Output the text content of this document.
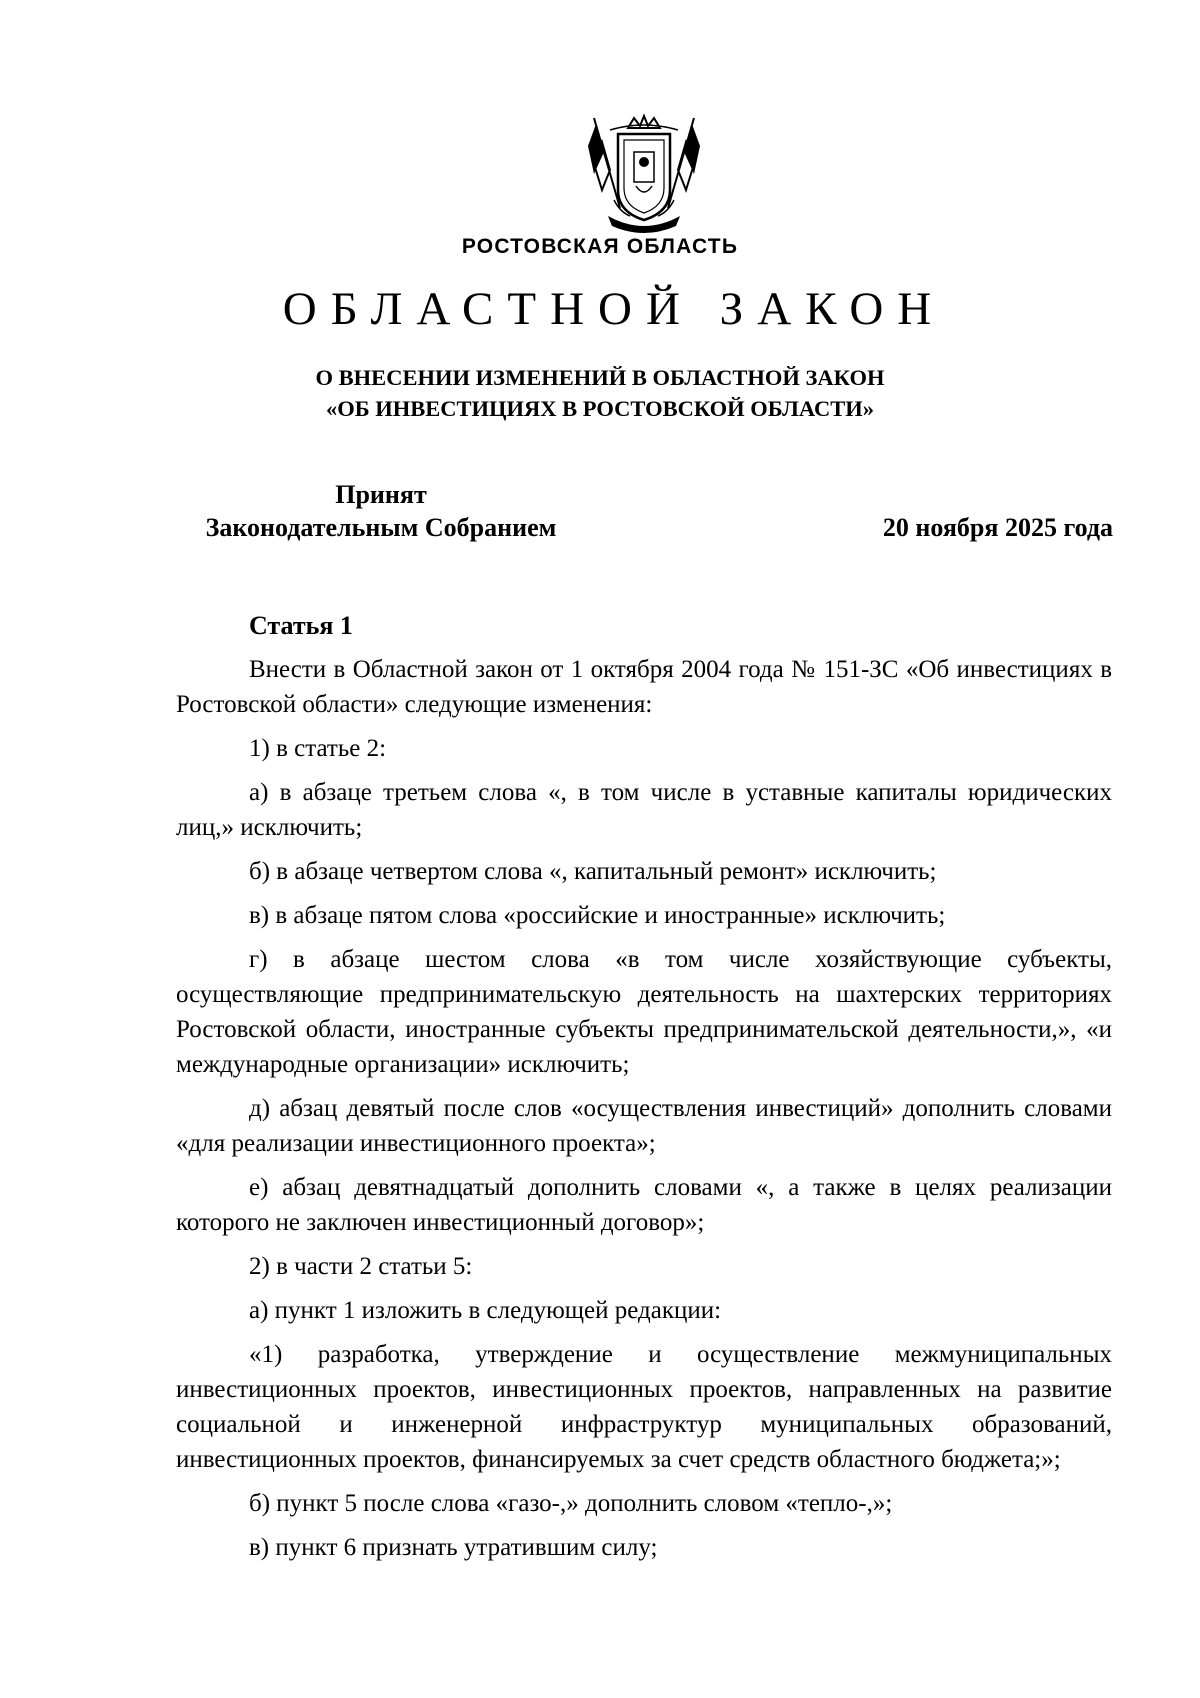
РОСТОВСКАЯ ОБЛАСТЬ
ОБЛАСТНОЙ ЗАКОН
О ВНЕСЕНИИ ИЗМЕНЕНИЙ В ОБЛАСТНОЙ ЗАКОН
«ОБ ИНВЕСТИЦИЯХ В РОСТОВСКОЙ ОБЛАСТИ»
Принят
Законодательным Собранием	20 ноября 2025 года
Статья 1

Внести в Областной закон от 1 октября 2004 года № 151-ЗС «Об инвестициях в Ростовской области» следующие изменения:

1) в статье 2:

а) в абзаце третьем слова «, в том числе в уставные капиталы юридических лиц,» исключить;

б) в абзаце четвертом слова «, капитальный ремонт» исключить;

в) в абзаце пятом слова «российские и иностранные» исключить;

г) в абзаце шестом слова «в том числе хозяйствующие субъекты, осуществляющие предпринимательскую деятельность на шахтерских территориях Ростовской области, иностранные субъекты предпринимательской деятельности,», «и международные организации» исключить;

д) абзац девятый после слов «осуществления инвестиций» дополнить словами «для реализации инвестиционного проекта»;

е) абзац девятнадцатый дополнить словами «, а также в целях реализации которого не заключен инвестиционный договор»;

2) в части 2 статьи 5:

а) пункт 1 изложить в следующей редакции:

«1) разработка, утверждение и осуществление межмуниципальных инвестиционных проектов, инвестиционных проектов, направленных на развитие социальной и инженерной инфраструктур муниципальных образований, инвестиционных проектов, финансируемых за счет средств областного бюджета;»;

б) пункт 5 после слова «газо-,» дополнить словом «тепло-,»;

в) пункт 6 признать утратившим силу;
